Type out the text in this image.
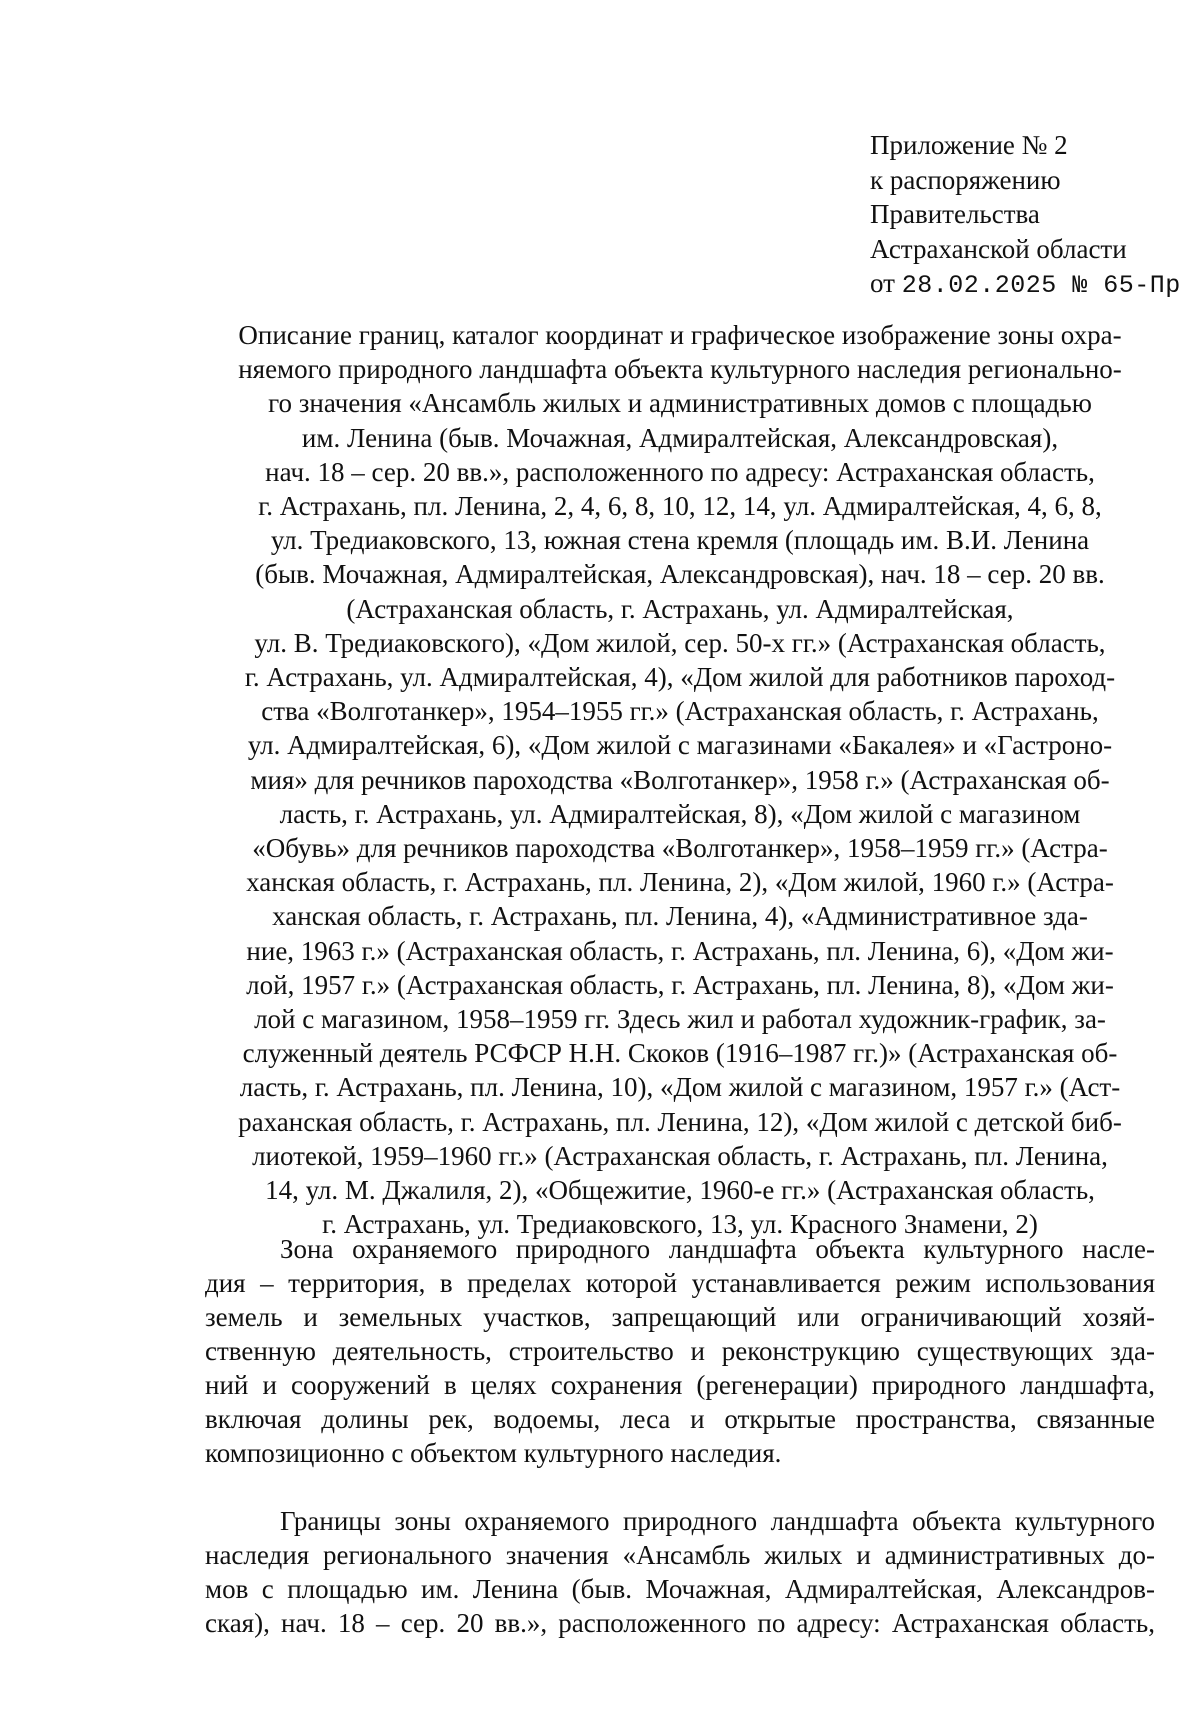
Приложение № 2
к распоряжению
Правительства
Астраханской области
от 28.02.2025 № 65-Пр
Описание границ, каталог координат и графическое изображение зоны охра-
няемого природного ландшафта объекта культурного наследия регионально-
го значения «Ансамбль жилых и административных домов с площадью
им. Ленина (быв. Мочажная, Адмиралтейская, Александровская),
нач. 18 – сер. 20 вв.», расположенного по адресу: Астраханская область,
г. Астрахань, пл. Ленина, 2, 4, 6, 8, 10, 12, 14, ул. Адмиралтейская, 4, 6, 8,
ул. Тредиаковского, 13, южная стена кремля (площадь им. В.И. Ленина
(быв. Мочажная, Адмиралтейская, Александровская), нач. 18 – сер. 20 вв.
(Астраханская область, г. Астрахань, ул. Адмиралтейская,
ул. В. Тредиаковского), «Дом жилой, сер. 50-х гг.» (Астраханская область,
г. Астрахань, ул. Адмиралтейская, 4), «Дом жилой для работников пароход-
ства «Волготанкер», 1954–1955 гг.» (Астраханская область, г. Астрахань,
ул. Адмиралтейская, 6), «Дом жилой с магазинами «Бакалея» и «Гастроно-
мия» для речников пароходства «Волготанкер», 1958 г.» (Астраханская об-
ласть, г. Астрахань, ул. Адмиралтейская, 8), «Дом жилой с магазином
«Обувь» для речников пароходства «Волготанкер», 1958–1959 гг.» (Астра-
ханская область, г. Астрахань, пл. Ленина, 2), «Дом жилой, 1960 г.» (Астра-
ханская область, г. Астрахань, пл. Ленина, 4), «Административное зда-
ние, 1963 г.» (Астраханская область, г. Астрахань, пл. Ленина, 6), «Дом жи-
лой, 1957 г.» (Астраханская область, г. Астрахань, пл. Ленина, 8), «Дом жи-
лой с магазином, 1958–1959 гг. Здесь жил и работал художник-график, за-
служенный деятель РСФСР Н.Н. Скоков (1916–1987 гг.)» (Астраханская об-
ласть, г. Астрахань, пл. Ленина, 10), «Дом жилой с магазином, 1957 г.» (Аст-
раханская область, г. Астрахань, пл. Ленина, 12), «Дом жилой с детской биб-
лиотекой, 1959–1960 гг.» (Астраханская область, г. Астрахань, пл. Ленина,
14, ул. М. Джалиля, 2), «Общежитие, 1960-е гг.» (Астраханская область,
г. Астрахань, ул. Тредиаковского, 13, ул. Красного Знамени, 2)
Зона охраняемого природного ландшафта объекта культурного насле-
дия – территория, в пределах которой устанавливается режим использования
земель и земельных участков, запрещающий или ограничивающий хозяй-
ственную деятельность, строительство и реконструкцию существующих зда-
ний и сооружений в целях сохранения (регенерации) природного ландшафта,
включая долины рек, водоемы, леса и открытые пространства, связанные
композиционно с объектом культурного наследия.
Границы зоны охраняемого природного ландшафта объекта культурного
наследия регионального значения «Ансамбль жилых и административных до-
мов с площадью им. Ленина (быв. Мочажная, Адмиралтейская, Александров-
ская), нач. 18 – сер. 20 вв.», расположенного по адресу: Астраханская область,
